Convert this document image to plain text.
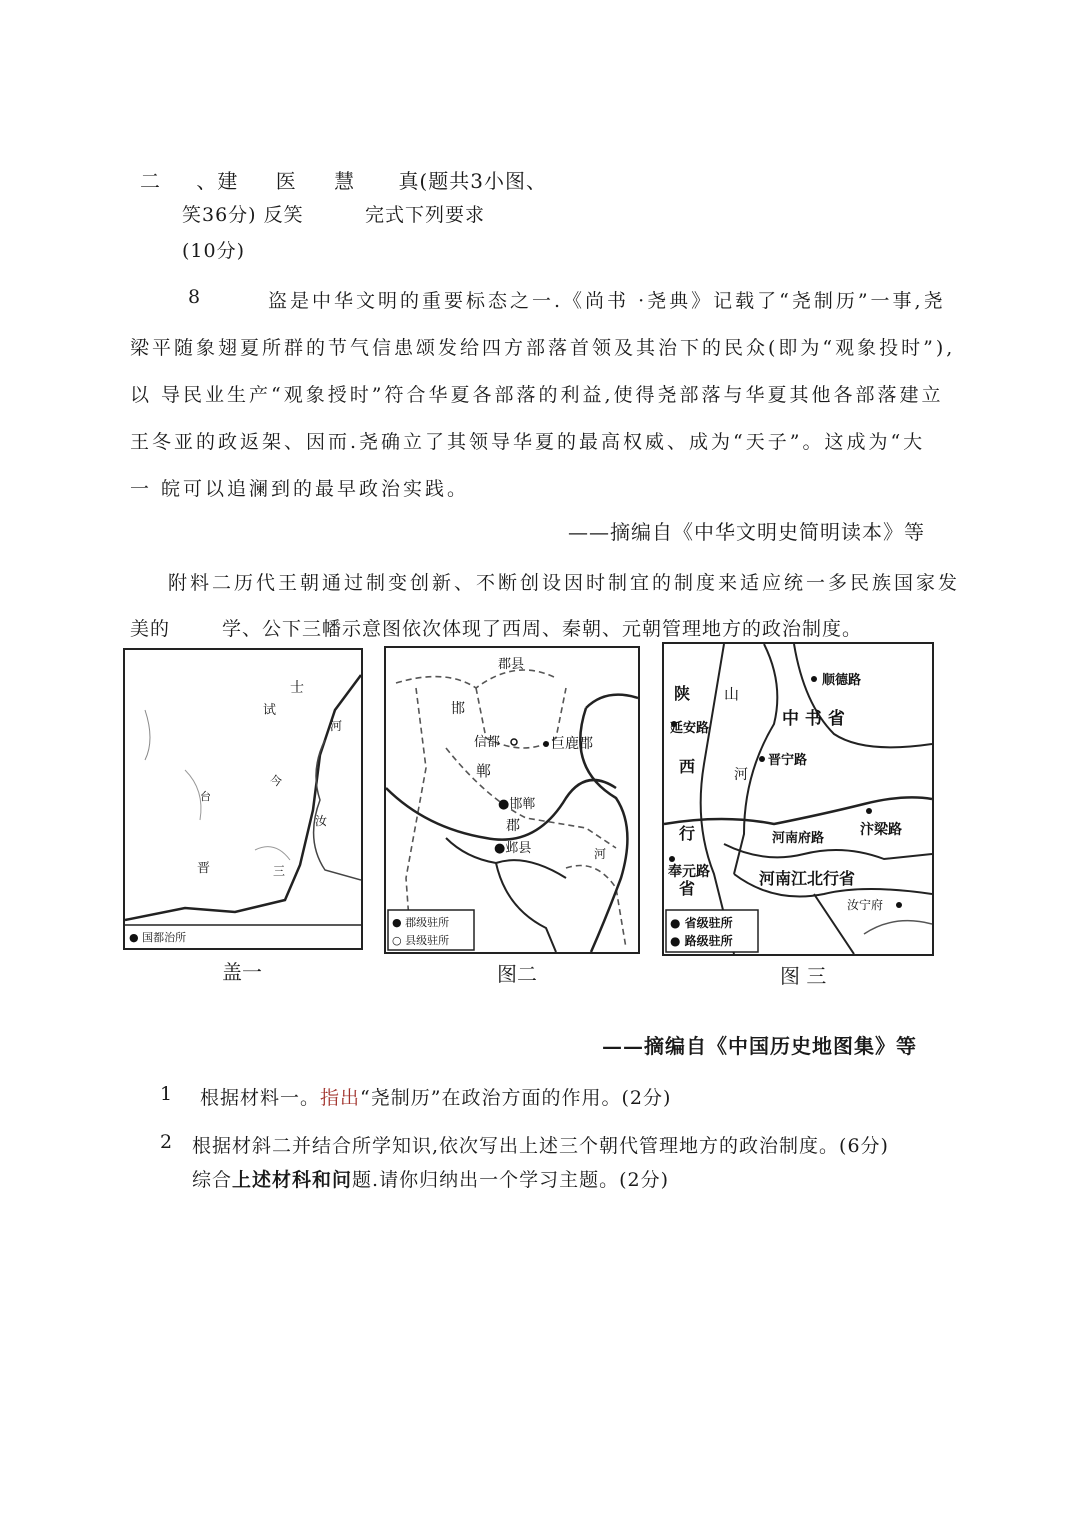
二 、建 医 慧 真(题共3小图、
笑36分) 反笑	完式下列要求
(10分)
8	盗是中华文明的重要标态之一.《尚书 ·尧典》记载了“尧制历”一事,尧
梁平随象翅夏所群的节气信患颂发给四方部落首领及其治下的民众(即为“观象投时”),
以 导民业生产“观象授时”符合华夏各部落的利益,使得尧部落与华夏其他各部落建立
王冬亚的政返架、因而.尧确立了其领导华夏的最高权威、成为“天子”。这成为“大
一 皖可以追澜到的最早政治实践。
——摘编自《中华文明史简明读本》等
附料二历代王朝通过制变创新、不断创设因时制宜的制度来适应统一多民族国家发
美的	学、公下三幡示意图依次体现了西周、秦朝、元朝管理地方的政治制度。
士
试
河
今
汝
三
晋
台
● 国都治所
盖一
郡县
邯
信都	巨鹿郡
郸
●邯郸
郡
●邺县	河
● 郡级驻所
○ 县级驻所
图二
陕
西
行
省
山
河
延安路	中 书 省
顺德路
晋宁路
河南府路
汴梁路
奉元路	河南江北行省
汝宁府
● 省级驻所
● 路级驻所
图 三
——摘编自《中国历史地图集》等
1 根据材料一。指出“尧制历”在政治方面的作用。(2分)
2 根据材斜二并结合所学知识,依次写出上述三个朝代管理地方的政治制度。(6分)
综合上述材科和问题.请你归纳出一个学习主题。(2分)
